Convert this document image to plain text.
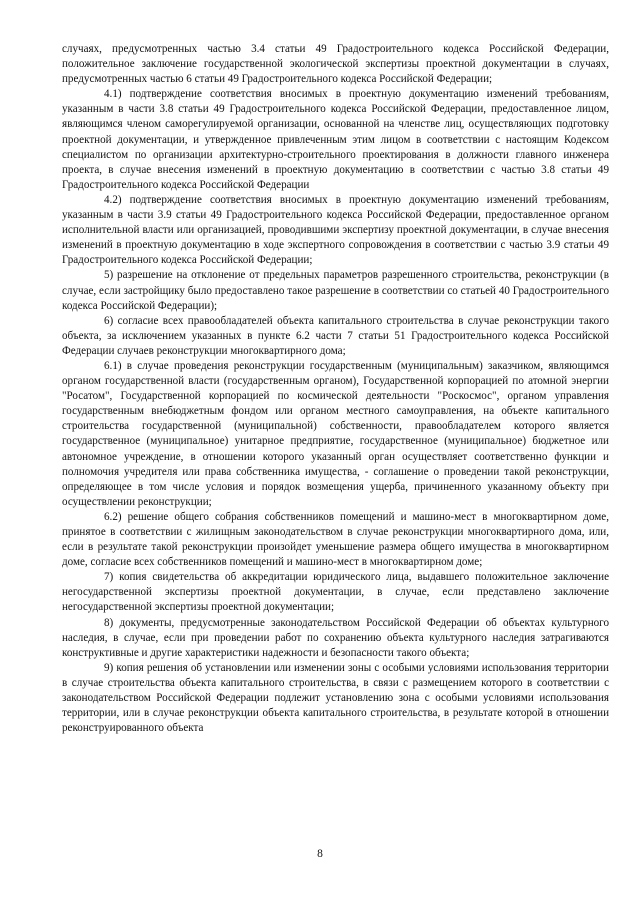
случаях, предусмотренных частью 3.4 статьи 49 Градостроительного кодекса Российской Федерации, положительное заключение государственной экологической экспертизы проектной документации в случаях, предусмотренных частью 6 статьи 49 Градостроительного кодекса Российской Федерации;

4.1) подтверждение соответствия вносимых в проектную документацию изменений требованиям, указанным в части 3.8 статьи 49 Градостроительного кодекса Российской Федерации, предоставленное лицом, являющимся членом саморегулируемой организации, основанной на членстве лиц, осуществляющих подготовку проектной документации, и утвержденное привлеченным этим лицом в соответствии с настоящим Кодексом специалистом по организации архитектурно-строительного проектирования в должности главного инженера проекта, в случае внесения изменений в проектную документацию в соответствии с частью 3.8 статьи 49 Градостроительного кодекса Российской Федерации

4.2) подтверждение соответствия вносимых в проектную документацию изменений требованиям, указанным в части 3.9 статьи 49 Градостроительного кодекса Российской Федерации, предоставленное органом исполнительной власти или организацией, проводившими экспертизу проектной документации, в случае внесения изменений в проектную документацию в ходе экспертного сопровождения в соответствии с частью 3.9 статьи 49 Градостроительного кодекса Российской Федерации;

5) разрешение на отклонение от предельных параметров разрешенного строительства, реконструкции (в случае, если застройщику было предоставлено такое разрешение в соответствии со статьей 40 Градостроительного кодекса Российской Федерации);

6) согласие всех правообладателей объекта капитального строительства в случае реконструкции такого объекта, за исключением указанных в пункте 6.2 части 7 статьи 51 Градостроительного кодекса Российской Федерации случаев реконструкции многоквартирного дома;

6.1) в случае проведения реконструкции государственным (муниципальным) заказчиком, являющимся органом государственной власти (государственным органом), Государственной корпорацией по атомной энергии "Росатом", Государственной корпорацией по космической деятельности "Роскосмос", органом управления государственным внебюджетным фондом или органом местного самоуправления, на объекте капитального строительства государственной (муниципальной) собственности, правообладателем которого является государственное (муниципальное) унитарное предприятие, государственное (муниципальное) бюджетное или автономное учреждение, в отношении которого указанный орган осуществляет соответственно функции и полномочия учредителя или права собственника имущества, - соглашение о проведении такой реконструкции, определяющее в том числе условия и порядок возмещения ущерба, причиненного указанному объекту при осуществлении реконструкции;

6.2) решение общего собрания собственников помещений и машино-мест в многоквартирном доме, принятое в соответствии с жилищным законодательством в случае реконструкции многоквартирного дома, или, если в результате такой реконструкции произойдет уменьшение размера общего имущества в многоквартирном доме, согласие всех собственников помещений и машино-мест в многоквартирном доме;

7) копия свидетельства об аккредитации юридического лица, выдавшего положительное заключение негосударственной экспертизы проектной документации, в случае, если представлено заключение негосударственной экспертизы проектной документации;

8) документы, предусмотренные законодательством Российской Федерации об объектах культурного наследия, в случае, если при проведении работ по сохранению объекта культурного наследия затрагиваются конструктивные и другие характеристики надежности и безопасности такого объекта;

9) копия решения об установлении или изменении зоны с особыми условиями использования территории в случае строительства объекта капитального строительства, в связи с размещением которого в соответствии с законодательством Российской Федерации подлежит установлению зона с особыми условиями использования территории, или в случае реконструкции объекта капитального строительства, в результате которой в отношении реконструированного объекта

8
